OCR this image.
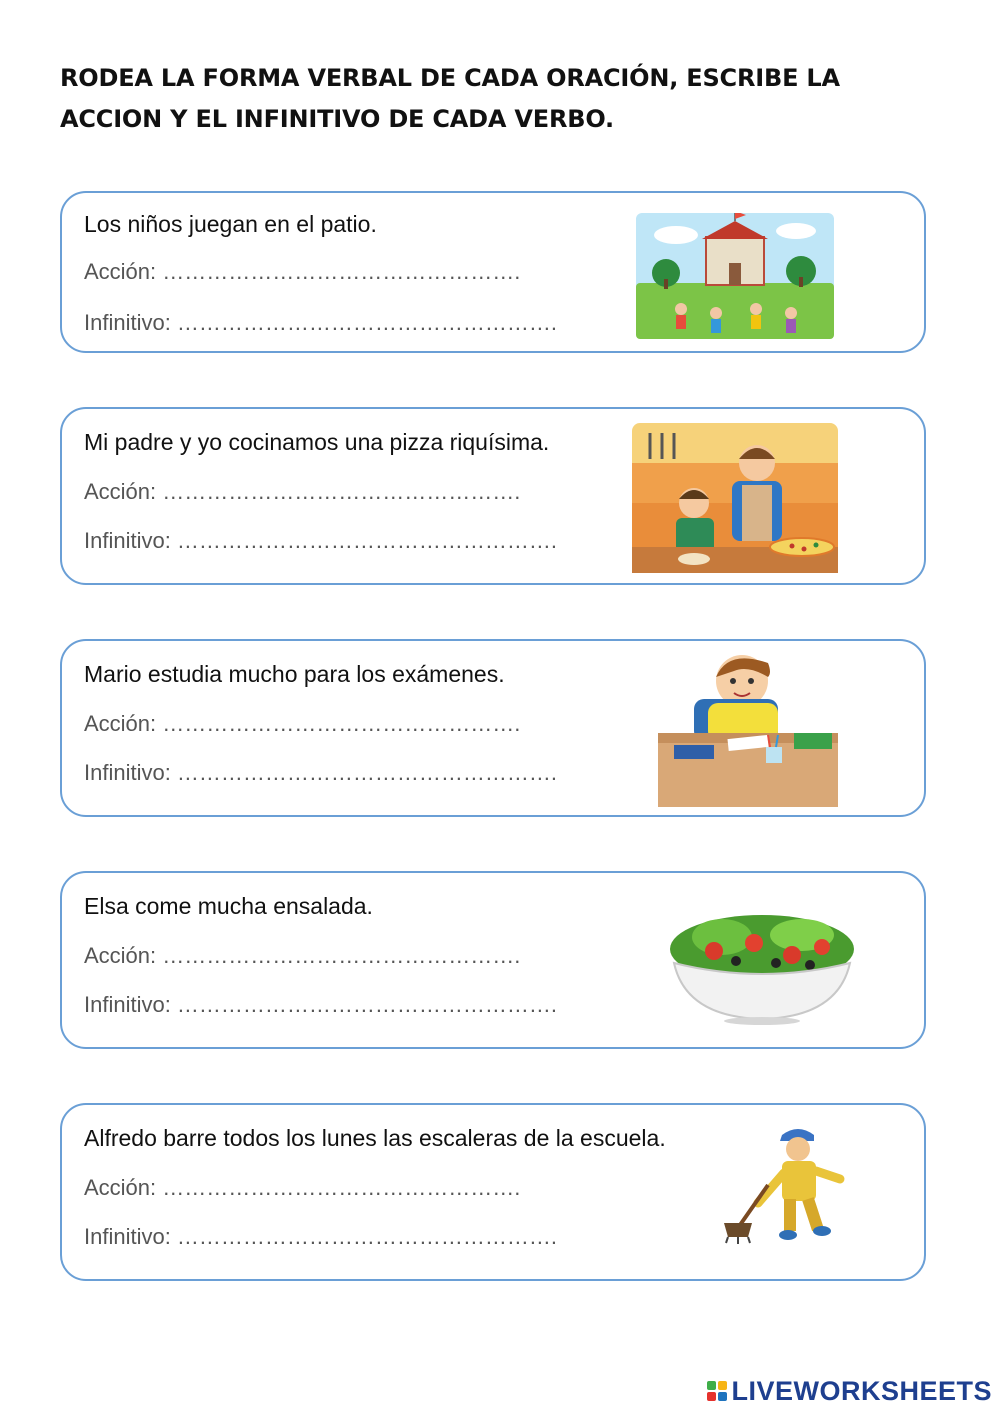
RODEA LA FORMA VERBAL DE CADA ORACIÓN, ESCRIBE LA ACCION Y EL INFINITIVO DE CADA VERBO.
Los niños juegan en el patio.
Acción: ………………………………………….
Infinitivo: …………………………………………….
Mi padre y yo cocinamos una pizza riquísima.
Acción: ………………………………………….
Infinitivo: …………………………………………….
Mario estudia mucho para los exámenes.
Acción: ………………………………………….
Infinitivo: …………………………………………….
Elsa come mucha ensalada.
Acción: ………………………………………….
Infinitivo: …………………………………………….
Alfredo barre todos los lunes las escaleras de la escuela.
Acción: ………………………………………….
Infinitivo: …………………………………………….
LIVEWORKSHEETS
